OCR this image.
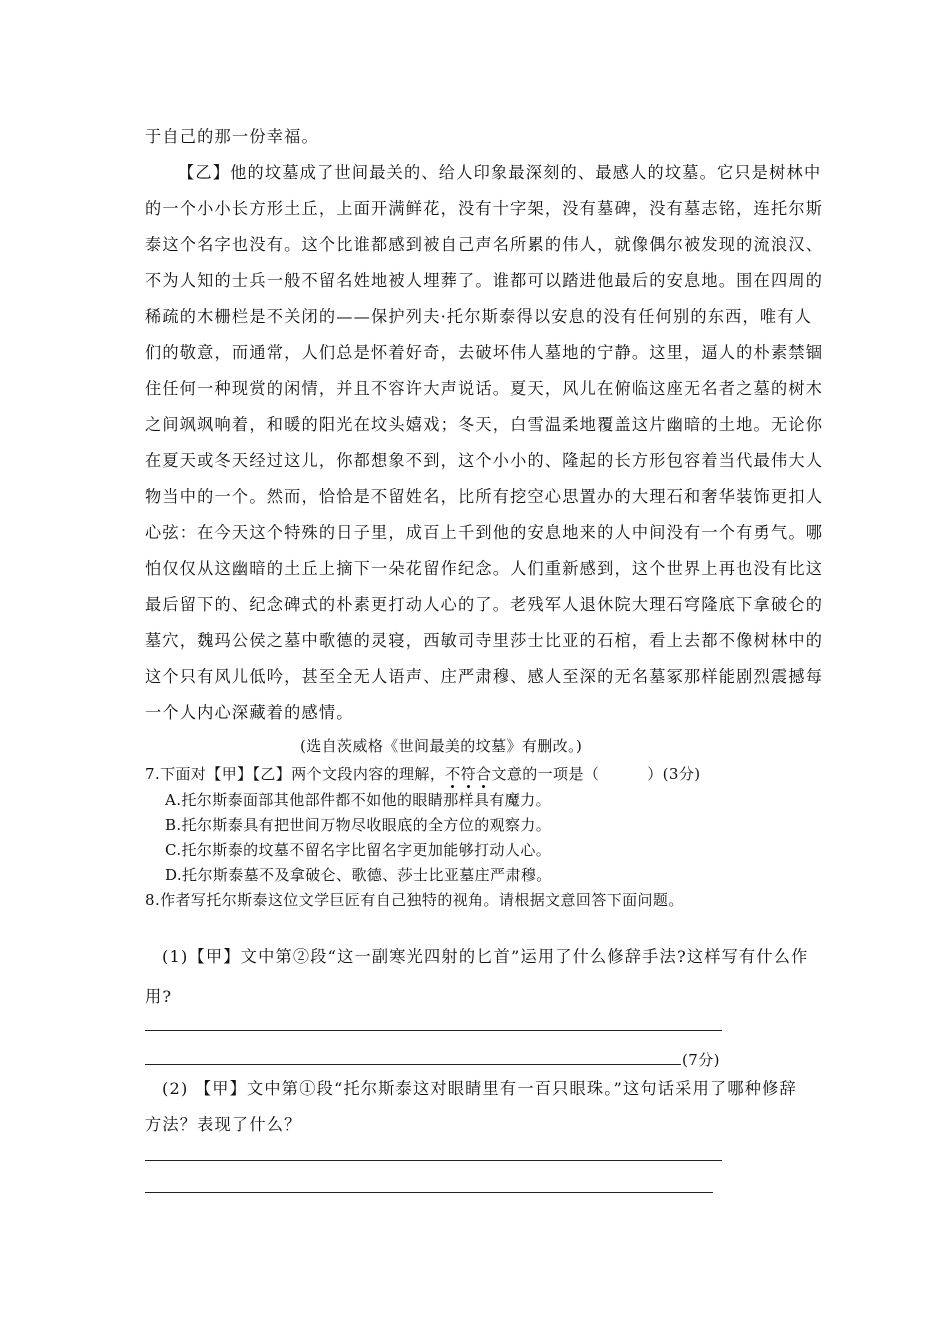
于自己的那一份幸福。
【乙】他的坟墓成了世间最关的、给人印象最深刻的、最感人的坟墓。它只是树林中
的一个小小长方形土丘，上面开满鲜花，没有十字架，没有墓碑，没有墓志铭，连托尔斯
泰这个名字也没有。这个比谁都感到被自己声名所累的伟人，就像偶尔被发现的流浪汉、
不为人知的士兵一般不留名姓地被人埋葬了。谁都可以踏进他最后的安息地。围在四周的
稀疏的木栅栏是不关闭的——保护列夫·托尔斯泰得以安息的没有任何别的东西，唯有人
们的敬意，而通常，人们总是怀着好奇，去破坏伟人墓地的宁静。这里，逼人的朴素禁锢
住任何一种现赏的闲情，并且不容许大声说话。夏天，风儿在俯临这座无名者之墓的树木
之间飒飒响着，和暖的阳光在坟头嬉戏；冬天，白雪温柔地覆盖这片幽暗的土地。无论你
在夏天或冬天经过这儿，你都想象不到，这个小小的、隆起的长方形包容着当代最伟大人
物当中的一个。然而，恰恰是不留姓名，比所有挖空心思置办的大理石和奢华装饰更扣人
心弦：在今天这个特殊的日子里，成百上千到他的安息地来的人中间没有一个有勇气。哪
怕仅仅从这幽暗的土丘上摘下一朵花留作纪念。人们重新感到，这个世界上再也没有比这
最后留下的、纪念碑式的朴素更打动人心的了。老残军人退休院大理石穹隆底下拿破仑的
墓穴，魏玛公侯之墓中歌德的灵寝，西敏司寺里莎士比亚的石棺，看上去都不像树林中的
这个只有风儿低吟，甚至全无人语声、庄严肃穆、感人至深的无名墓冢那样能剧烈震撼每
一个人内心深藏着的感情。
(选自茨威格《世间最美的坟墓》有删改。)
7.下面对【甲】【乙】两个文段内容的理解，不符合文意的一项是（	）(3分)
A.托尔斯泰面部其他部件都不如他的眼睛那样具有魔力。
B.托尔斯泰具有把世间万物尽收眼底的全方位的观察力。
C.托尔斯泰的坟墓不留名字比留名字更加能够打动人心。
D.托尔斯泰墓不及拿破仑、歌德、莎士比亚墓庄严肃穆。
8.作者写托尔斯泰这位文学巨匠有自己独特的视角。请根据文意回答下面问题。
(1)【甲】文中第②段“这一副寒光四射的匕首”运用了什么修辞手法?这样写有什么作
用?
(7分)
(2) 【甲】文中第①段“托尔斯泰这对眼睛里有一百只眼珠。”这句话采用了哪种修辞
方法？表现了什么？
